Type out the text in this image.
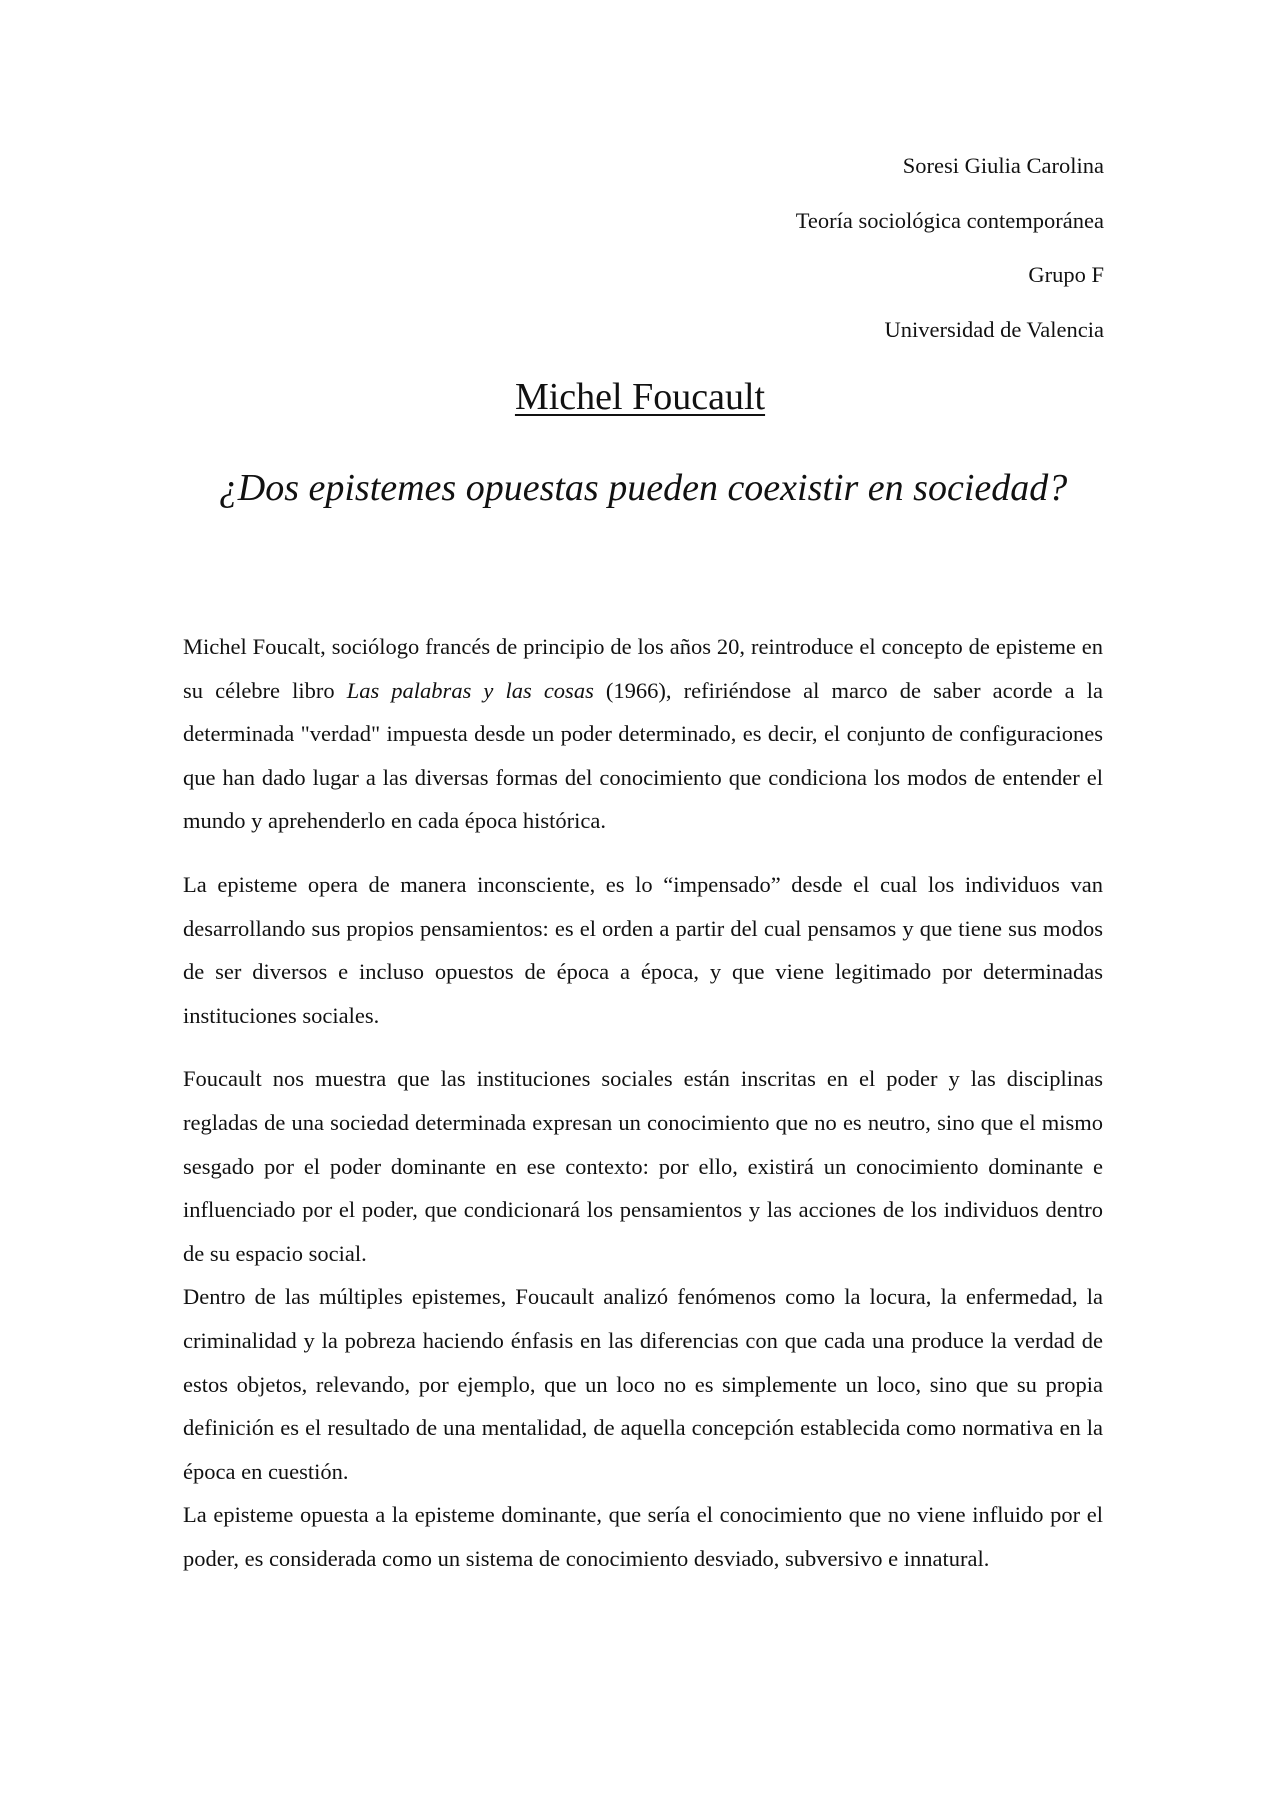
Soresi Giulia Carolina
Teoría sociológica contemporánea
Grupo F
Universidad de Valencia
Michel Foucault
¿Dos epistemes opuestas pueden coexistir en sociedad?

Michel Foucalt, sociólogo francés de principio de los años 20, reintroduce el concepto de episteme en su célebre libro Las palabras y las cosas (1966), refiriéndose al marco de saber acorde a la determinada "verdad" impuesta desde un poder determinado, es decir, el conjunto de configuraciones que han dado lugar a las diversas formas del conocimiento que condiciona los modos de entender el mundo y aprehenderlo en cada época histórica.

La episteme opera de manera inconsciente, es lo “impensado” desde el cual los individuos van desarrollando sus propios pensamientos: es el orden a partir del cual pensamos y que tiene sus modos de ser diversos e incluso opuestos de época a época, y que viene legitimado por determinadas instituciones sociales.

Foucault nos muestra que las instituciones sociales están inscritas en el poder y las disciplinas regladas de una sociedad determinada expresan un conocimiento que no es neutro, sino que el mismo sesgado por el poder dominante en ese contexto: por ello, existirá un conocimiento dominante e influenciado por el poder, que condicionará los pensamientos y las acciones de los individuos dentro de su espacio social.

Dentro de las múltiples epistemes, Foucault analizó fenómenos como la locura, la enfermedad, la criminalidad y la pobreza haciendo énfasis en las diferencias con que cada una produce la verdad de estos objetos, relevando, por ejemplo, que un loco no es simplemente un loco, sino que su propia definición es el resultado de una mentalidad, de aquella concepción establecida como normativa en la época en cuestión.

La episteme opuesta a la episteme dominante, que sería el conocimiento que no viene influido por el poder, es considerada como un sistema de conocimiento desviado, subversivo e innatural.
